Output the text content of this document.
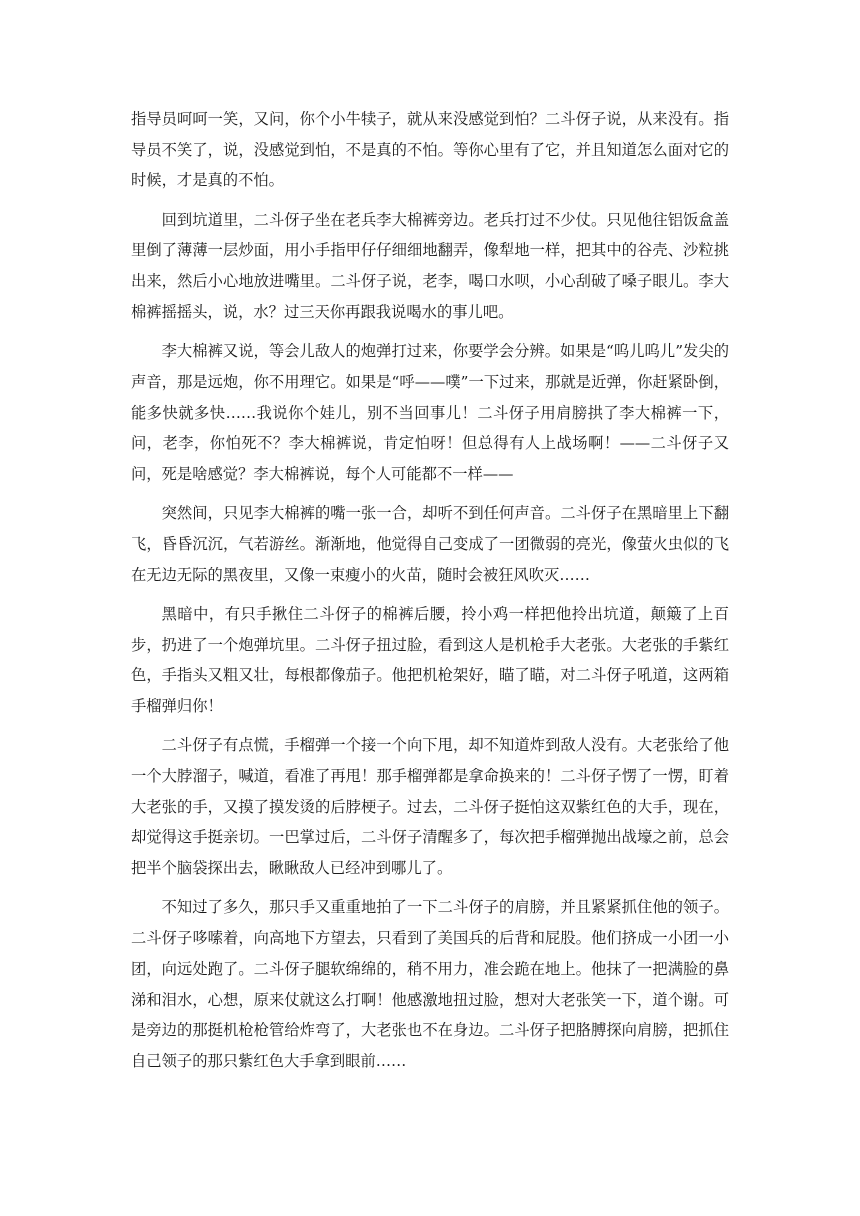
指导员呵呵一笑，又问，你个小牛犊子，就从来没感觉到怕？二斗伢子说，从来没有。指导员不笑了，说，没感觉到怕，不是真的不怕。等你心里有了它，并且知道怎么面对它的时候，才是真的不怕。

回到坑道里，二斗伢子坐在老兵李大棉裤旁边。老兵打过不少仗。只见他往铝饭盒盖里倒了薄薄一层炒面，用小手指甲仔仔细细地翻弄，像犁地一样，把其中的谷壳、沙粒挑出来，然后小心地放进嘴里。二斗伢子说，老李，喝口水呗，小心刮破了嗓子眼儿。李大棉裤摇摇头，说，水？过三天你再跟我说喝水的事儿吧。

李大棉裤又说，等会儿敌人的炮弹打过来，你要学会分辨。如果是“呜儿呜儿”发尖的声音，那是远炮，你不用理它。如果是“呼——噗”一下过来，那就是近弹，你赶紧卧倒，能多快就多快……我说你个娃儿，别不当回事儿！二斗伢子用肩膀拱了李大棉裤一下，问，老李，你怕死不？李大棉裤说，肯定怕呀！但总得有人上战场啊！——二斗伢子又问，死是啥感觉？李大棉裤说，每个人可能都不一样——

突然间，只见李大棉裤的嘴一张一合，却听不到任何声音。二斗伢子在黑暗里上下翻飞，昏昏沉沉，气若游丝。渐渐地，他觉得自己变成了一团微弱的亮光，像萤火虫似的飞在无边无际的黑夜里，又像一束瘦小的火苗，随时会被狂风吹灭……

黑暗中，有只手揪住二斗伢子的棉裤后腰，拎小鸡一样把他拎出坑道，颠簸了上百步，扔进了一个炮弹坑里。二斗伢子扭过脸，看到这人是机枪手大老张。大老张的手紫红色，手指头又粗又壮，每根都像茄子。他把机枪架好，瞄了瞄，对二斗伢子吼道，这两箱手榴弹归你！

二斗伢子有点慌，手榴弹一个接一个向下甩，却不知道炸到敌人没有。大老张给了他一个大脖溜子，喊道，看准了再甩！那手榴弹都是拿命换来的！二斗伢子愣了一愣，盯着大老张的手，又摸了摸发烫的后脖梗子。过去，二斗伢子挺怕这双紫红色的大手，现在，却觉得这手挺亲切。一巴掌过后，二斗伢子清醒多了，每次把手榴弹抛出战壕之前，总会把半个脑袋探出去，瞅瞅敌人已经冲到哪儿了。

不知过了多久，那只手又重重地拍了一下二斗伢子的肩膀，并且紧紧抓住他的领子。二斗伢子哆嗦着，向高地下方望去，只看到了美国兵的后背和屁股。他们挤成一小团一小团，向远处跑了。二斗伢子腿软绵绵的，稍不用力，准会跪在地上。他抹了一把满脸的鼻涕和泪水，心想，原来仗就这么打啊！他感激地扭过脸，想对大老张笑一下，道个谢。可是旁边的那挺机枪枪管给炸弯了，大老张也不在身边。二斗伢子把胳膊探向肩膀，把抓住自己领子的那只紫红色大手拿到眼前……
